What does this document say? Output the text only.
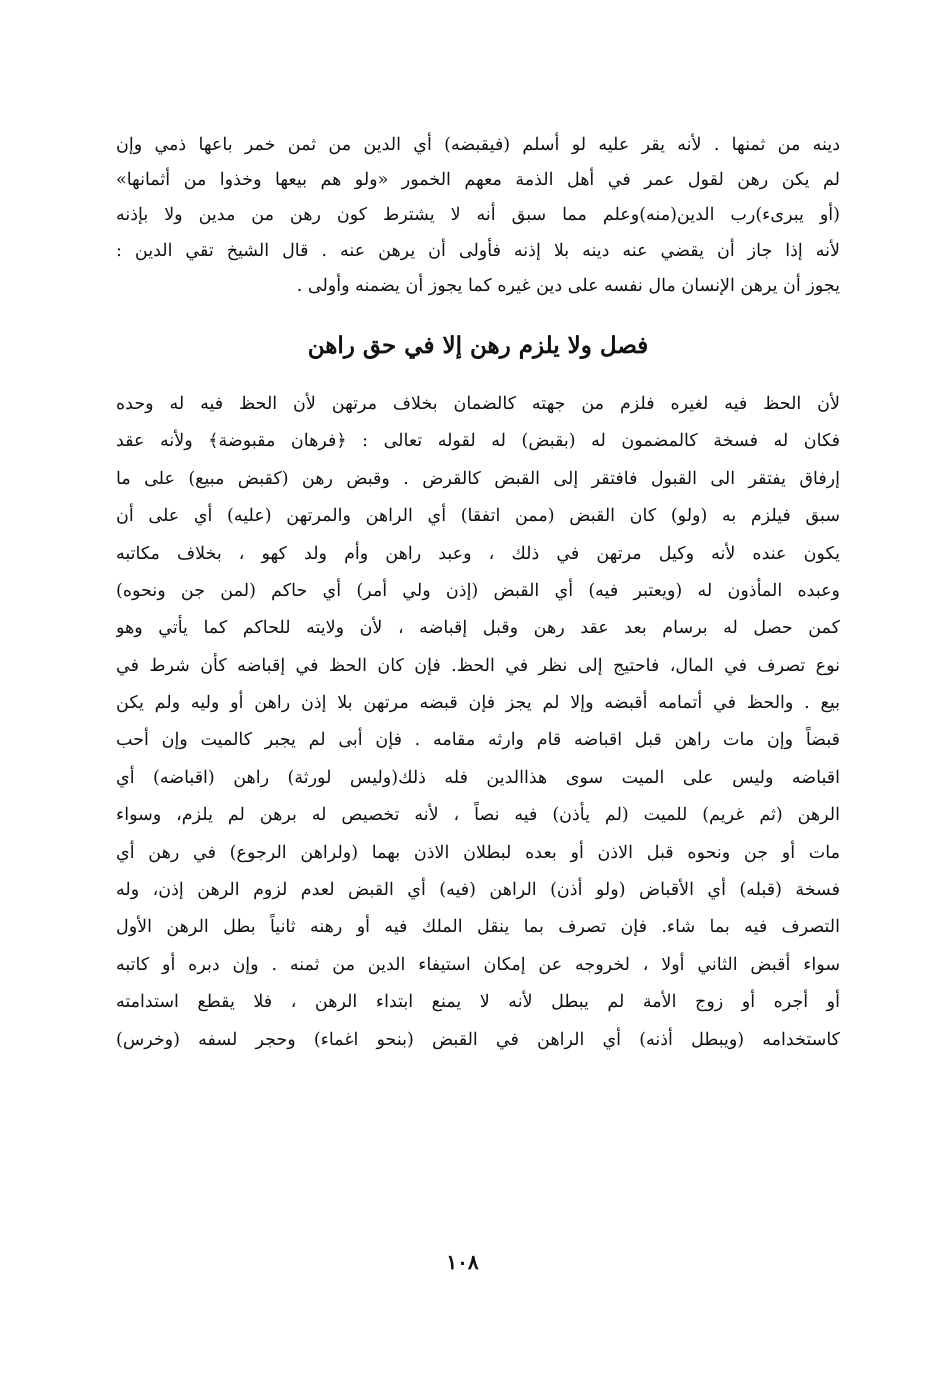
دينه من ثمنها . لأنه يقر عليه لو أسلم (فيقبضه) أي الدين من ثمن خمر باعها ذمي وإن
لم يكن رهن لقول عمر في أهل الذمة معهم الخمور «ولو هم بيعها وخذوا من أثمانها»
(أو يبرىء)رب الدين(منه)وعلم مما سبق أنه لا يشترط كون رهن من مدين ولا بإذنه
لأنه إذا جاز أن يقضي عنه دينه بلا إذنه فأولى أن يرهن عنه . قال الشيخ تقي الدين :
يجوز أن يرهن الإنسان مال نفسه على دين غيره كما يجوز أن يضمنه وأولى .
فصل ولا يلزم رهن إلا في حق راهن
لأن الحظ فيه لغيره فلزم من جهته كالضمان بخلاف مرتهن لأن الحظ فيه له وحده
فكان له فسخة كالمضمون له (بقبض) له لقوله تعالى : ﴿فرهان مقبوضة﴾ ولأنه عقد
إرفاق يفتقر الى القبول فافتقر إلى القبض كالقرض . وقبض رهن (كقبض مبيع) على ما
سبق فيلزم به (ولو) كان القبض (ممن اتفقا) أي الراهن والمرتهن (عليه) أي على أن
يكون عنده لأنه وكيل مرتهن في ذلك ، وعبد راهن وأم ولد كهو ، بخلاف مكاتبه
وعبده المأذون له (ويعتبر فيه) أي القبض (إذن ولي أمر) أي حاكم (لمن جن ونحوه)
كمن حصل له برسام بعد عقد رهن وقبل إقباضه ، لأن ولايته للحاكم كما يأتي وهو
نوع تصرف في المال، فاحتيج إلى نظر في الحظ. فإن كان الحظ في إقباضه كأن شرط في
بيع . والحظ في أتمامه أقبضه وإلا لم يجز فإن قبضه مرتهن بلا إذن راهن أو وليه ولم يكن
قبضاً وإن مات راهن قبل اقباضه قام وارثه مقامه . فإن أبى لم يجبر كالميت وإن أحب
اقباضه وليس على الميت سوى هذاالدين فله ذلك(وليس لورثة) راهن (اقباضه) أي
الرهن (ثم غريم) للميت (لم يأذن) فيه نصاً ، لأنه تخصيص له برهن لم يلزم، وسواء
مات أو جن ونحوه قبل الاذن أو بعده لبطلان الاذن بهما (ولراهن الرجوع) في رهن أي
فسخة (قبله) أي الأقباض (ولو أذن) الراهن (فيه) أي القبض لعدم لزوم الرهن إذن، وله
التصرف فيه بما شاء. فإن تصرف بما ينقل الملك فيه أو رهنه ثانياً بطل الرهن الأول
سواء أقبض الثاني أولا ، لخروجه عن إمكان استيفاء الدين من ثمنه . وإن دبره أو كاتبه
أو أجره أو زوج الأمة لم يبطل لأنه لا يمنع ابتداء الرهن ، فلا يقطع استدامته
كاستخدامه (ويبطل أذنه) أي الراهن في القبض (بنحو اغماء) وحجر لسفه (وخرس)
١٠٨
